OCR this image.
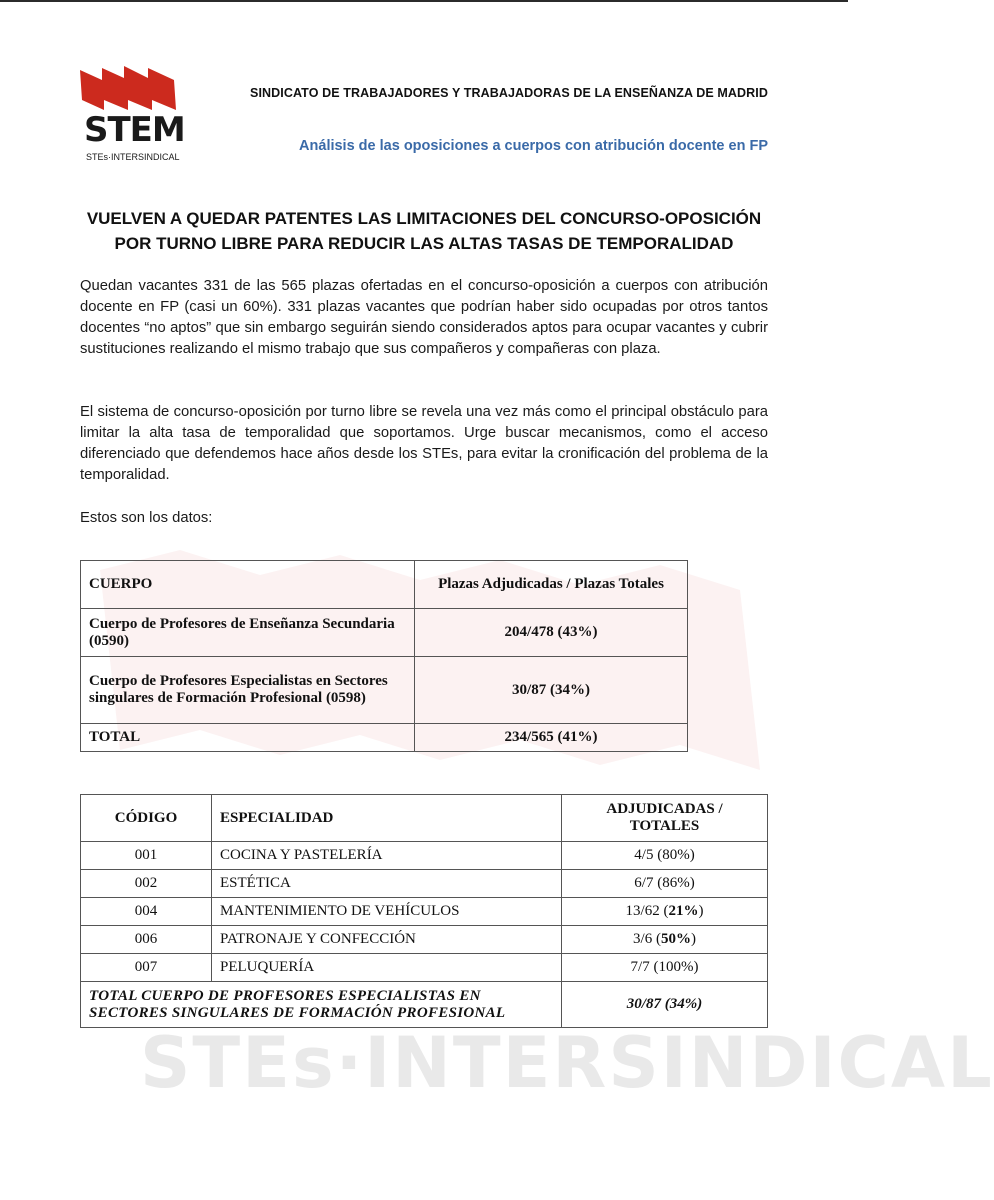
STEs·INTERSINDICAL
STEM
STEs·INTERSINDICAL
SINDICATO DE TRABAJADORES Y TRABAJADORAS DE LA ENSEÑANZA DE MADRID
Análisis de las oposiciones a cuerpos con atribución docente en FP
VUELVEN A QUEDAR PATENTES LAS LIMITACIONES DEL CONCURSO-OPOSICIÓN
POR TURNO LIBRE PARA REDUCIR LAS ALTAS TASAS DE TEMPORALIDAD
Quedan vacantes 331 de las 565 plazas ofertadas en el concurso-oposición a cuerpos con atribución docente en FP (casi un 60%). 331 plazas vacantes que podrían haber sido ocupadas por otros tantos docentes “no aptos” que sin embargo seguirán siendo considerados aptos para ocupar vacantes y cubrir sustituciones realizando el mismo trabajo que sus compañeros y compañeras con plaza.
El sistema de concurso-oposición por turno libre se revela una vez más como el principal obstáculo para limitar la alta tasa de temporalidad que soportamos. Urge buscar mecanismos, como el acceso diferenciado que defendemos hace años desde los STEs, para evitar la cronificación del problema de la temporalidad.
Estos son los datos:
CUERPO	Plazas Adjudicadas / Plazas Totales
Cuerpo de Profesores de Enseñanza Secundaria (0590)	204/478 (43%)
Cuerpo de Profesores Especialistas en Sectores singulares de Formación Profesional (0598)	30/87 (34%)
TOTAL	234/565 (41%)
CÓDIGO	ESPECIALIDAD	ADJUDICADAS / TOTALES
001	COCINA Y PASTELERÍA	4/5 (80%)
002	ESTÉTICA	6/7 (86%)
004	MANTENIMIENTO DE VEHÍCULOS	13/62 (21%)
006	PATRONAJE Y CONFECCIÓN	3/6 (50%)
007	PELUQUERÍA	7/7 (100%)
TOTAL CUERPO DE PROFESORES ESPECIALISTAS EN SECTORES SINGULARES DE FORMACIÓN PROFESIONAL		30/87 (34%)
